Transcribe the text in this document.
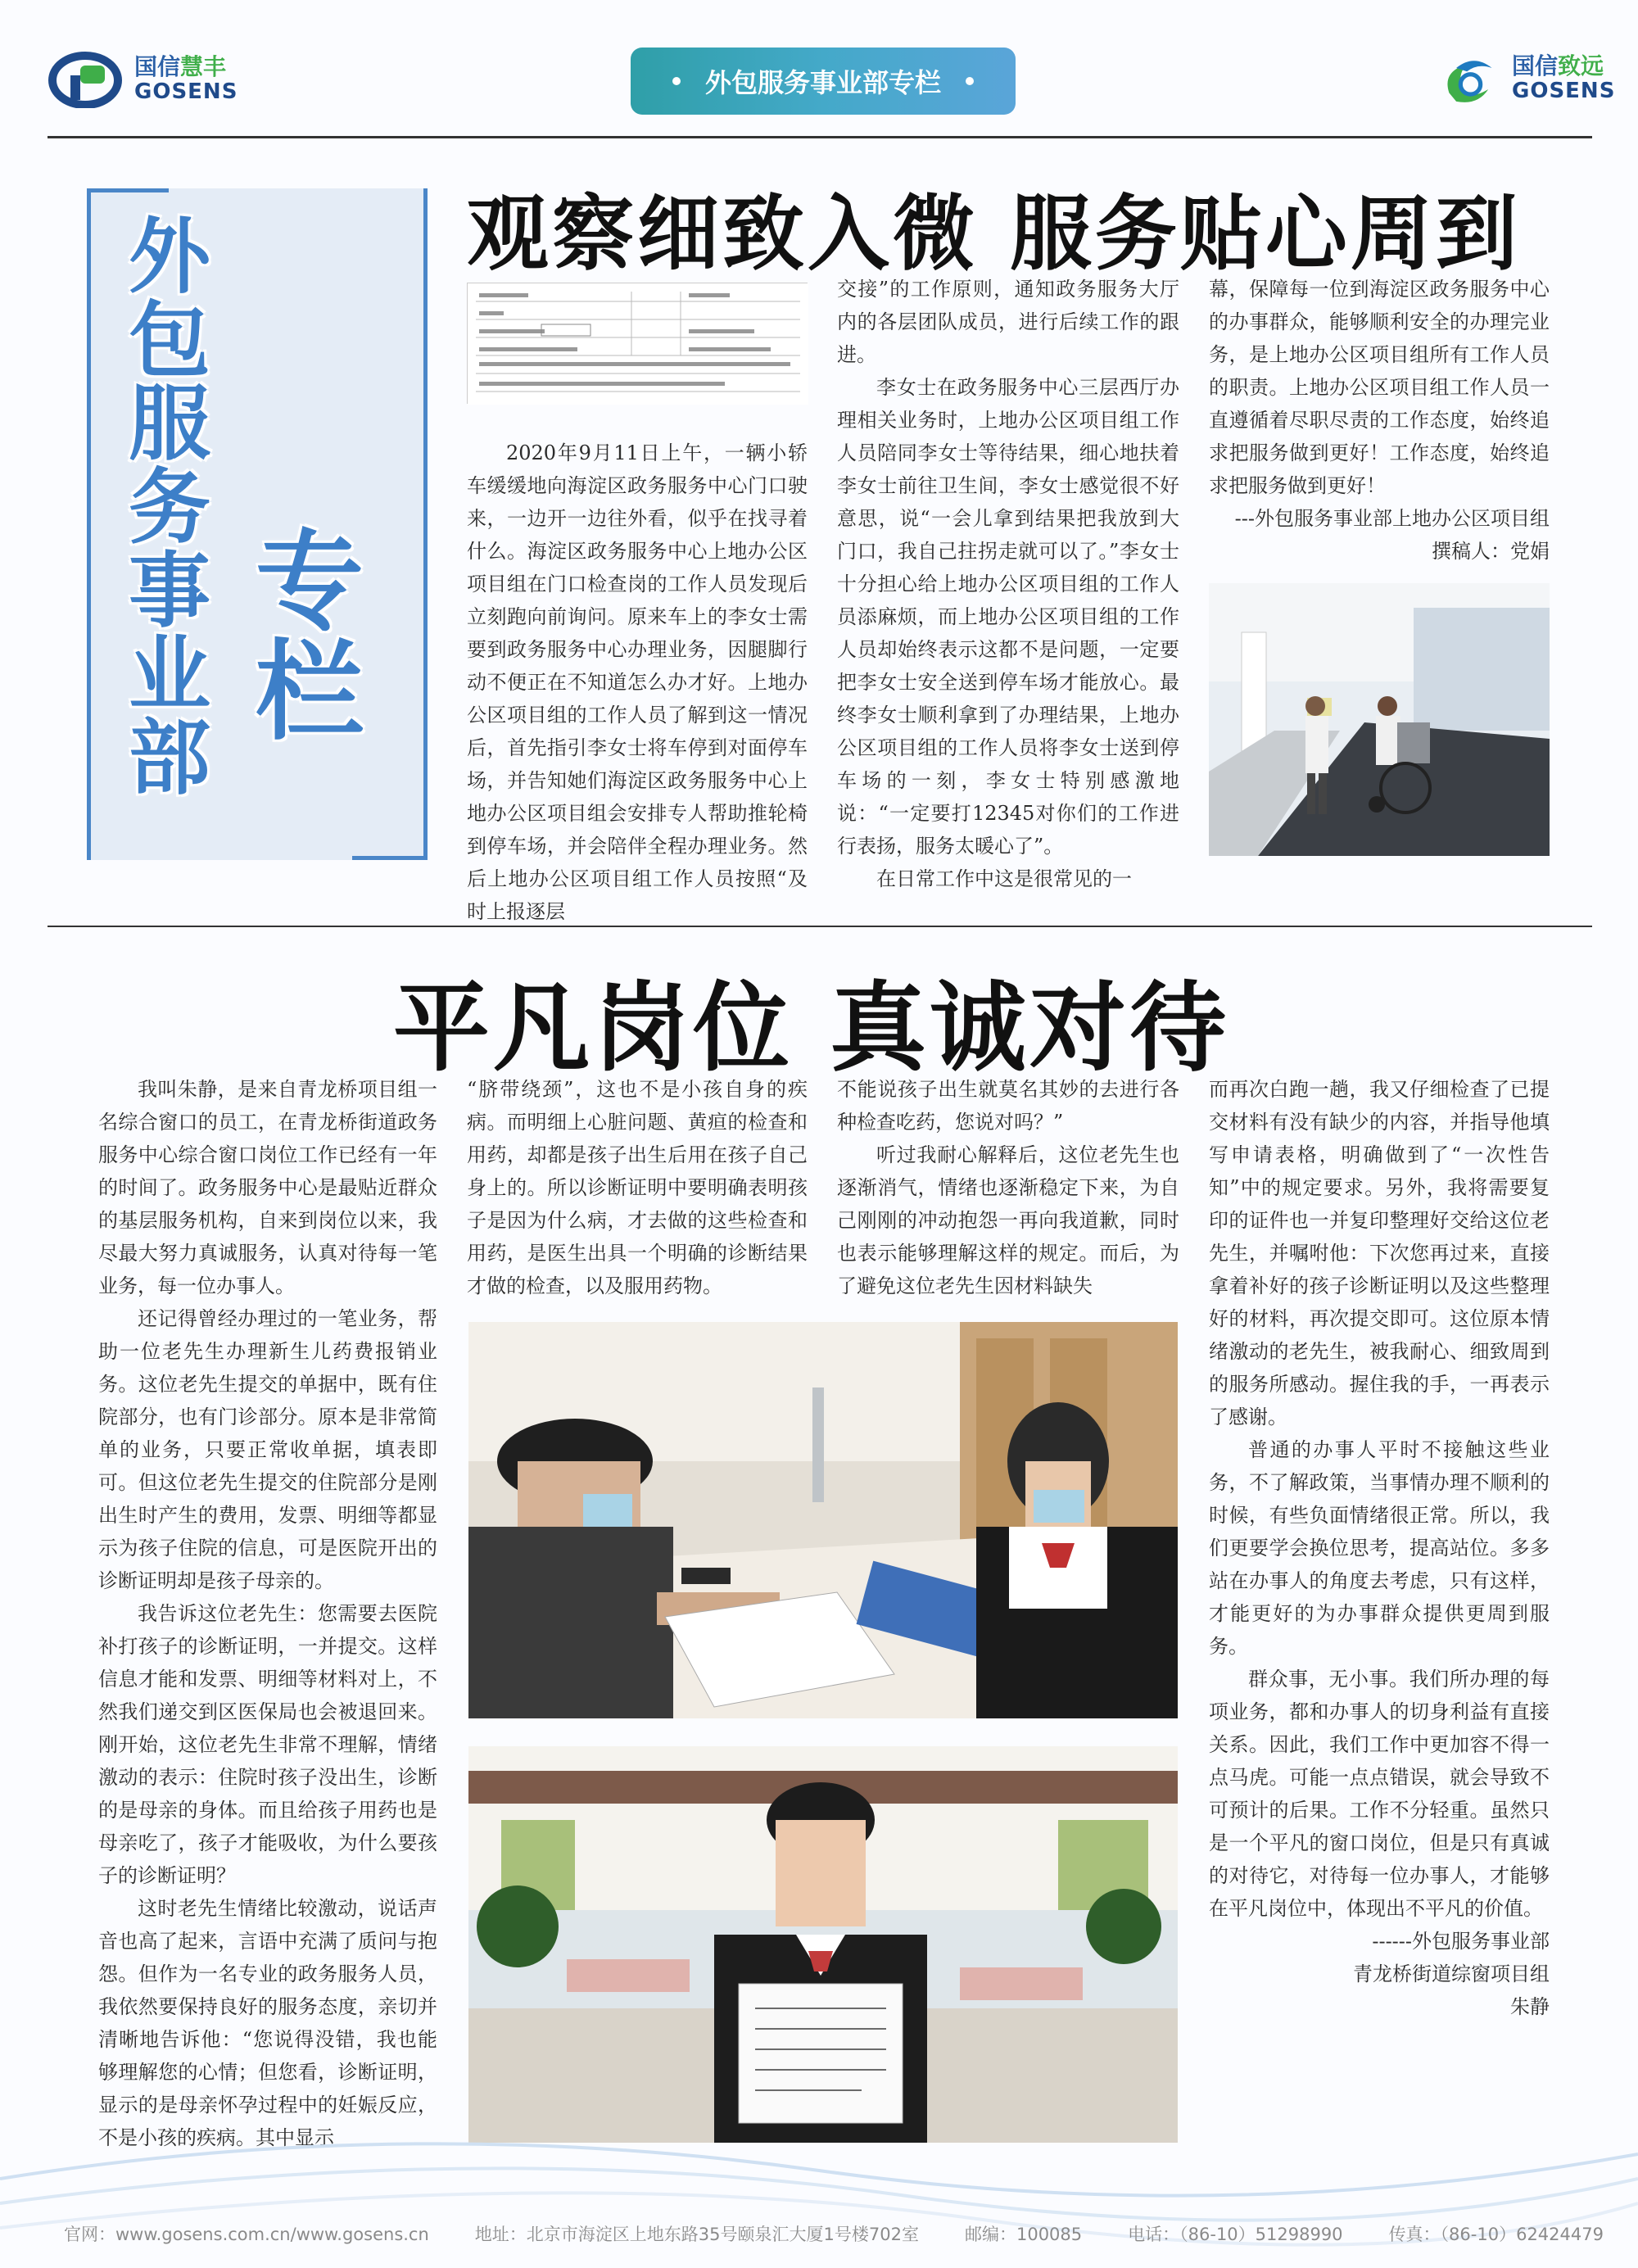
国信慧丰
GOSENS	外包服务事业部专栏
国信致远
GOSENS
外包服务事业部 专栏
观察细致入微 服务贴心周到

2020年9月11日上午，一辆小轿车缓缓地向海淀区政务服务中心门口驶来，一边开一边往外看，似乎在找寻着什么。海淀区政务服务中心上地办公区项目组在门口检查岗的工作人员发现后立刻跑向前询问。原来车上的李女士需要到政务服务中心办理业务，因腿脚行动不便正在不知道怎么办才好。上地办公区项目组的工作人员了解到这一情况后，首先指引李女士将车停到对面停车场，并告知她们海淀区政务服务中心上地办公区项目组会安排专人帮助推轮椅到停车场，并会陪伴全程办理业务。然后上地办公区项目组工作人员按照“及时上报逐层

交接”的工作原则，通知政务服务大厅内的各层团队成员，进行后续工作的跟进。

李女士在政务服务中心三层西厅办理相关业务时，上地办公区项目组工作人员陪同李女士等待结果，细心地扶着李女士前往卫生间，李女士感觉很不好意思，说“一会儿拿到结果把我放到大门口，我自己拄拐走就可以了。”李女士十分担心给上地办公区项目组的工作人员添麻烦，而上地办公区项目组的工作人员却始终表示这都不是问题，一定要把李女士安全送到停车场才能放心。最终李女士顺利拿到了办理结果，上地办公区项目组的工作人员将李女士送到停车场的一刻，李女士特别感激地说：“一定要打12345对你们的工作进行表扬，服务太暖心了”。

在日常工作中这是很常见的一

幕，保障每一位到海淀区政务服务中心的办事群众，能够顺利安全的办理完业务，是上地办公区项目组所有工作人员的职责。上地办公区项目组工作人员一直遵循着尽职尽责的工作态度，始终追求把服务做到更好！工作态度，始终追求把服务做到更好！

---外包服务事业部上地办公区项目组

撰稿人：党娟

平凡岗位 真诚对待

我叫朱静，是来自青龙桥项目组一名综合窗口的员工，在青龙桥街道政务服务中心综合窗口岗位工作已经有一年的时间了。政务服务中心是最贴近群众的基层服务机构，自来到岗位以来，我尽最大努力真诚服务，认真对待每一笔业务，每一位办事人。

还记得曾经办理过的一笔业务，帮助一位老先生办理新生儿药费报销业务。这位老先生提交的单据中，既有住院部分，也有门诊部分。原本是非常简单的业务，只要正常收单据，填表即可。但这位老先生提交的住院部分是刚出生时产生的费用，发票、明细等都显示为孩子住院的信息，可是医院开出的诊断证明却是孩子母亲的。

我告诉这位老先生：您需要去医院补打孩子的诊断证明，一并提交。这样信息才能和发票、明细等材料对上，不然我们递交到区医保局也会被退回来。刚开始，这位老先生非常不理解，情绪激动的表示：住院时孩子没出生，诊断的是母亲的身体。而且给孩子用药也是母亲吃了，孩子才能吸收，为什么要孩子的诊断证明？

这时老先生情绪比较激动，说话声音也高了起来，言语中充满了质问与抱怨。但作为一名专业的政务服务人员，我依然要保持良好的服务态度，亲切并清晰地告诉他：“您说得没错，我也能够理解您的心情；但您看，诊断证明，显示的是母亲怀孕过程中的妊娠反应，不是小孩的疾病。其中显示

“脐带绕颈”，这也不是小孩自身的疾病。而明细上心脏问题、黄疸的检查和用药，却都是孩子出生后用在孩子自己身上的。所以诊断证明中要明确表明孩子是因为什么病，才去做的这些检查和用药，是医生出具一个明确的诊断结果才做的检查，以及服用药物。

不能说孩子出生就莫名其妙的去进行各种检查吃药，您说对吗？”

听过我耐心解释后，这位老先生也逐渐消气，情绪也逐渐稳定下来，为自己刚刚的冲动抱怨一再向我道歉，同时也表示能够理解这样的规定。而后，为了避免这位老先生因材料缺失

而再次白跑一趟，我又仔细检查了已提交材料有没有缺少的内容，并指导他填写申请表格，明确做到了“一次性告知”中的规定要求。另外，我将需要复印的证件也一并复印整理好交给这位老先生，并嘱咐他：下次您再过来，直接拿着补好的孩子诊断证明以及这些整理好的材料，再次提交即可。这位原本情绪激动的老先生，被我耐心、细致周到的服务所感动。握住我的手，一再表示了感谢。

普通的办事人平时不接触这些业务，不了解政策，当事情办理不顺利的时候，有些负面情绪很正常。所以，我们更要学会换位思考，提高站位。多多站在办事人的角度去考虑，只有这样，才能更好的为办事群众提供更周到服务。

群众事，无小事。我们所办理的每项业务，都和办事人的切身利益有直接关系。因此，我们工作中更加容不得一点马虎。可能一点点错误，就会导致不可预计的后果。工作不分轻重。虽然只是一个平凡的窗口岗位，但是只有真诚的对待它，对待每一位办事人，才能够在平凡岗位中，体现出不平凡的价值。

------外包服务事业部

青龙桥街道综窗项目组

朱静

官网：www.gosens.com.cn/www.gosens.cn	地址：北京市海淀区上地东路35号颐泉汇大厦1号楼702室	邮编：100085	电话：（86-10）51298990	传真：（86-10）62424479
